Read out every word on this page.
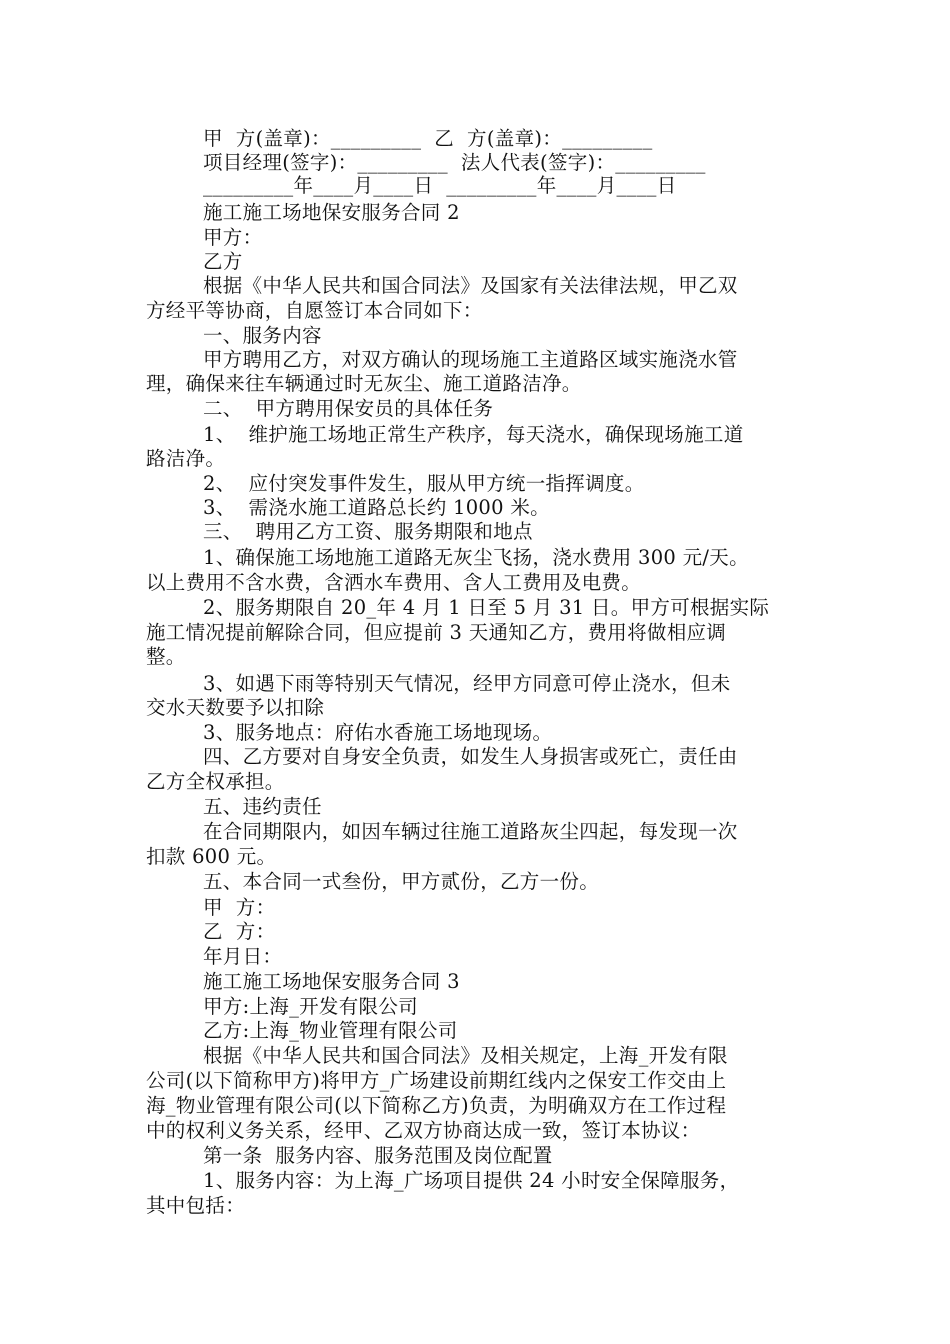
甲  方(盖章)：_________  乙  方(盖章)：_________
项目经理(签字)：_________  法人代表(签字)：_________
_________年____月____日  _________年____月____日
施工施工场地保安服务合同 2
甲方：
乙方
根据《中华人民共和国合同法》及国家有关法律法规，甲乙双
方经平等协商，自愿签订本合同如下：
一、服务内容
甲方聘用乙方，对双方确认的现场施工主道路区域实施浇水管
理，确保来往车辆通过时无灰尘、施工道路洁净。
二、  甲方聘用保安员的具体任务
1、  维护施工场地正常生产秩序，每天浇水，确保现场施工道
路洁净。
2、  应付突发事件发生，服从甲方统一指挥调度。
3、  需浇水施工道路总长约 1000 米。
三、  聘用乙方工资、服务期限和地点
1、确保施工场地施工道路无灰尘飞扬，浇水费用 300 元/天。
以上费用不含水费，含洒水车费用、含人工费用及电费。
2、服务期限自 20_年 4 月 1 日至 5 月 31 日。甲方可根据实际
施工情况提前解除合同，但应提前 3 天通知乙方，费用将做相应调
整。
3、如遇下雨等特别天气情况，经甲方同意可停止浇水，但未
交水天数要予以扣除
3、服务地点：府佑水香施工场地现场。
四、乙方要对自身安全负责，如发生人身损害或死亡，责任由
乙方全权承担。
五、违约责任
在合同期限内，如因车辆过往施工道路灰尘四起，每发现一次
扣款 600 元。
五、本合同一式叁份，甲方贰份，乙方一份。
甲  方：
乙  方：
年月日：
施工施工场地保安服务合同 3
甲方:上海_开发有限公司
乙方:上海_物业管理有限公司
根据《中华人民共和国合同法》及相关规定，上海_开发有限
公司(以下简称甲方)将甲方_广场建设前期红线内之保安工作交由上
海_物业管理有限公司(以下简称乙方)负责，为明确双方在工作过程
中的权利义务关系，经甲、乙双方协商达成一致，签订本协议：
第一条  服务内容、服务范围及岗位配置
1、服务内容：为上海_广场项目提供 24 小时安全保障服务，
其中包括：
